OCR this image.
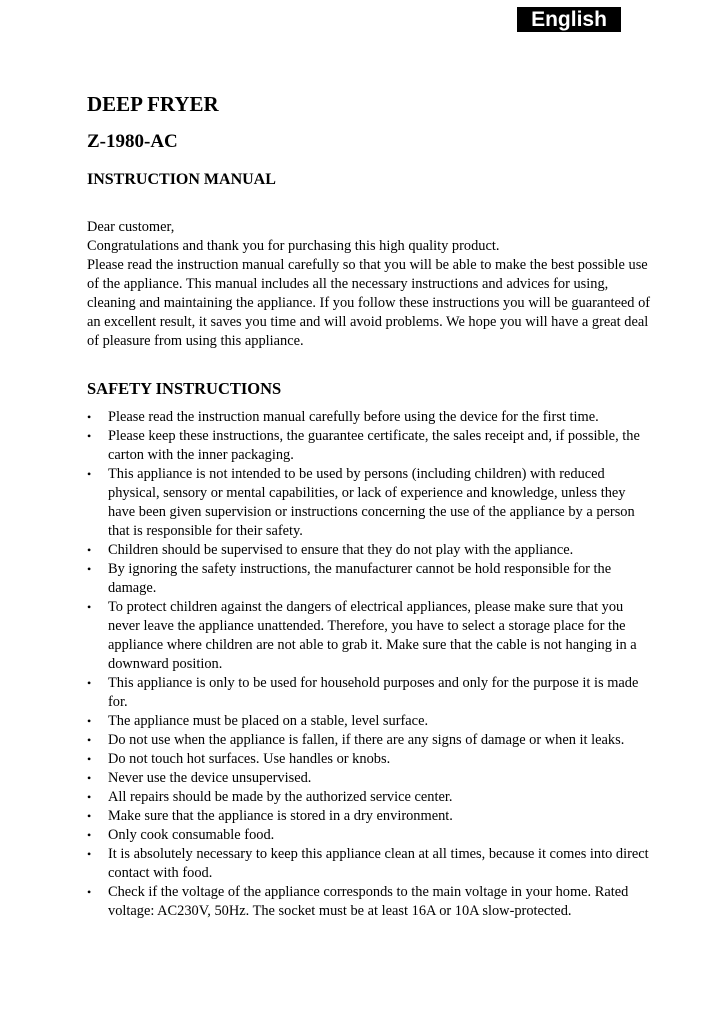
English
DEEP FRYER
Z-1980-AC
INSTRUCTION MANUAL

Dear customer,

Congratulations and thank you for purchasing this high quality product.

Please read the instruction manual carefully so that you will be able to make the best possible use of the appliance. This manual includes all the necessary instructions and advices for using, cleaning and maintaining the appliance. If you follow these instructions you will be guaranteed of an excellent result, it saves you time and will avoid problems. We hope you will have a great deal of pleasure from using this appliance.

SAFETY INSTRUCTIONS
•	Please read the instruction manual carefully before using the device for the first time.
•	Please keep these instructions, the guarantee certificate, the sales receipt and, if possible, the carton with the inner packaging.
•	This appliance is not intended to be used by persons (including children) with reduced physical, sensory or mental capabilities, or lack of experience and knowledge, unless they have been given supervision or instructions concerning the use of the appliance by a person that is responsible for their safety.
•	Children should be supervised to ensure that they do not play with the appliance.
•	By ignoring the safety instructions, the manufacturer cannot be hold responsible for the damage.
•	To protect children against the dangers of electrical appliances, please make sure that you never leave the appliance unattended. Therefore, you have to select a storage place for the appliance where children are not able to grab it. Make sure that the cable is not hanging in a downward position.
•	This appliance is only to be used for household purposes and only for the purpose it is made for.
•	The appliance must be placed on a stable, level surface.
•	Do not use when the appliance is fallen, if there are any signs of damage or when it leaks.
•	Do not touch hot surfaces. Use handles or knobs.
•	Never use the device unsupervised.
•	All repairs should be made by the authorized service center.
•	Make sure that the appliance is stored in a dry environment.
•	Only cook consumable food.
•	It is absolutely necessary to keep this appliance clean at all times, because it comes into direct contact with food.
•	Check if the voltage of the appliance corresponds to the main voltage in your home. Rated voltage: AC230V, 50Hz. The socket must be at least 16A or 10A slow-protected.
